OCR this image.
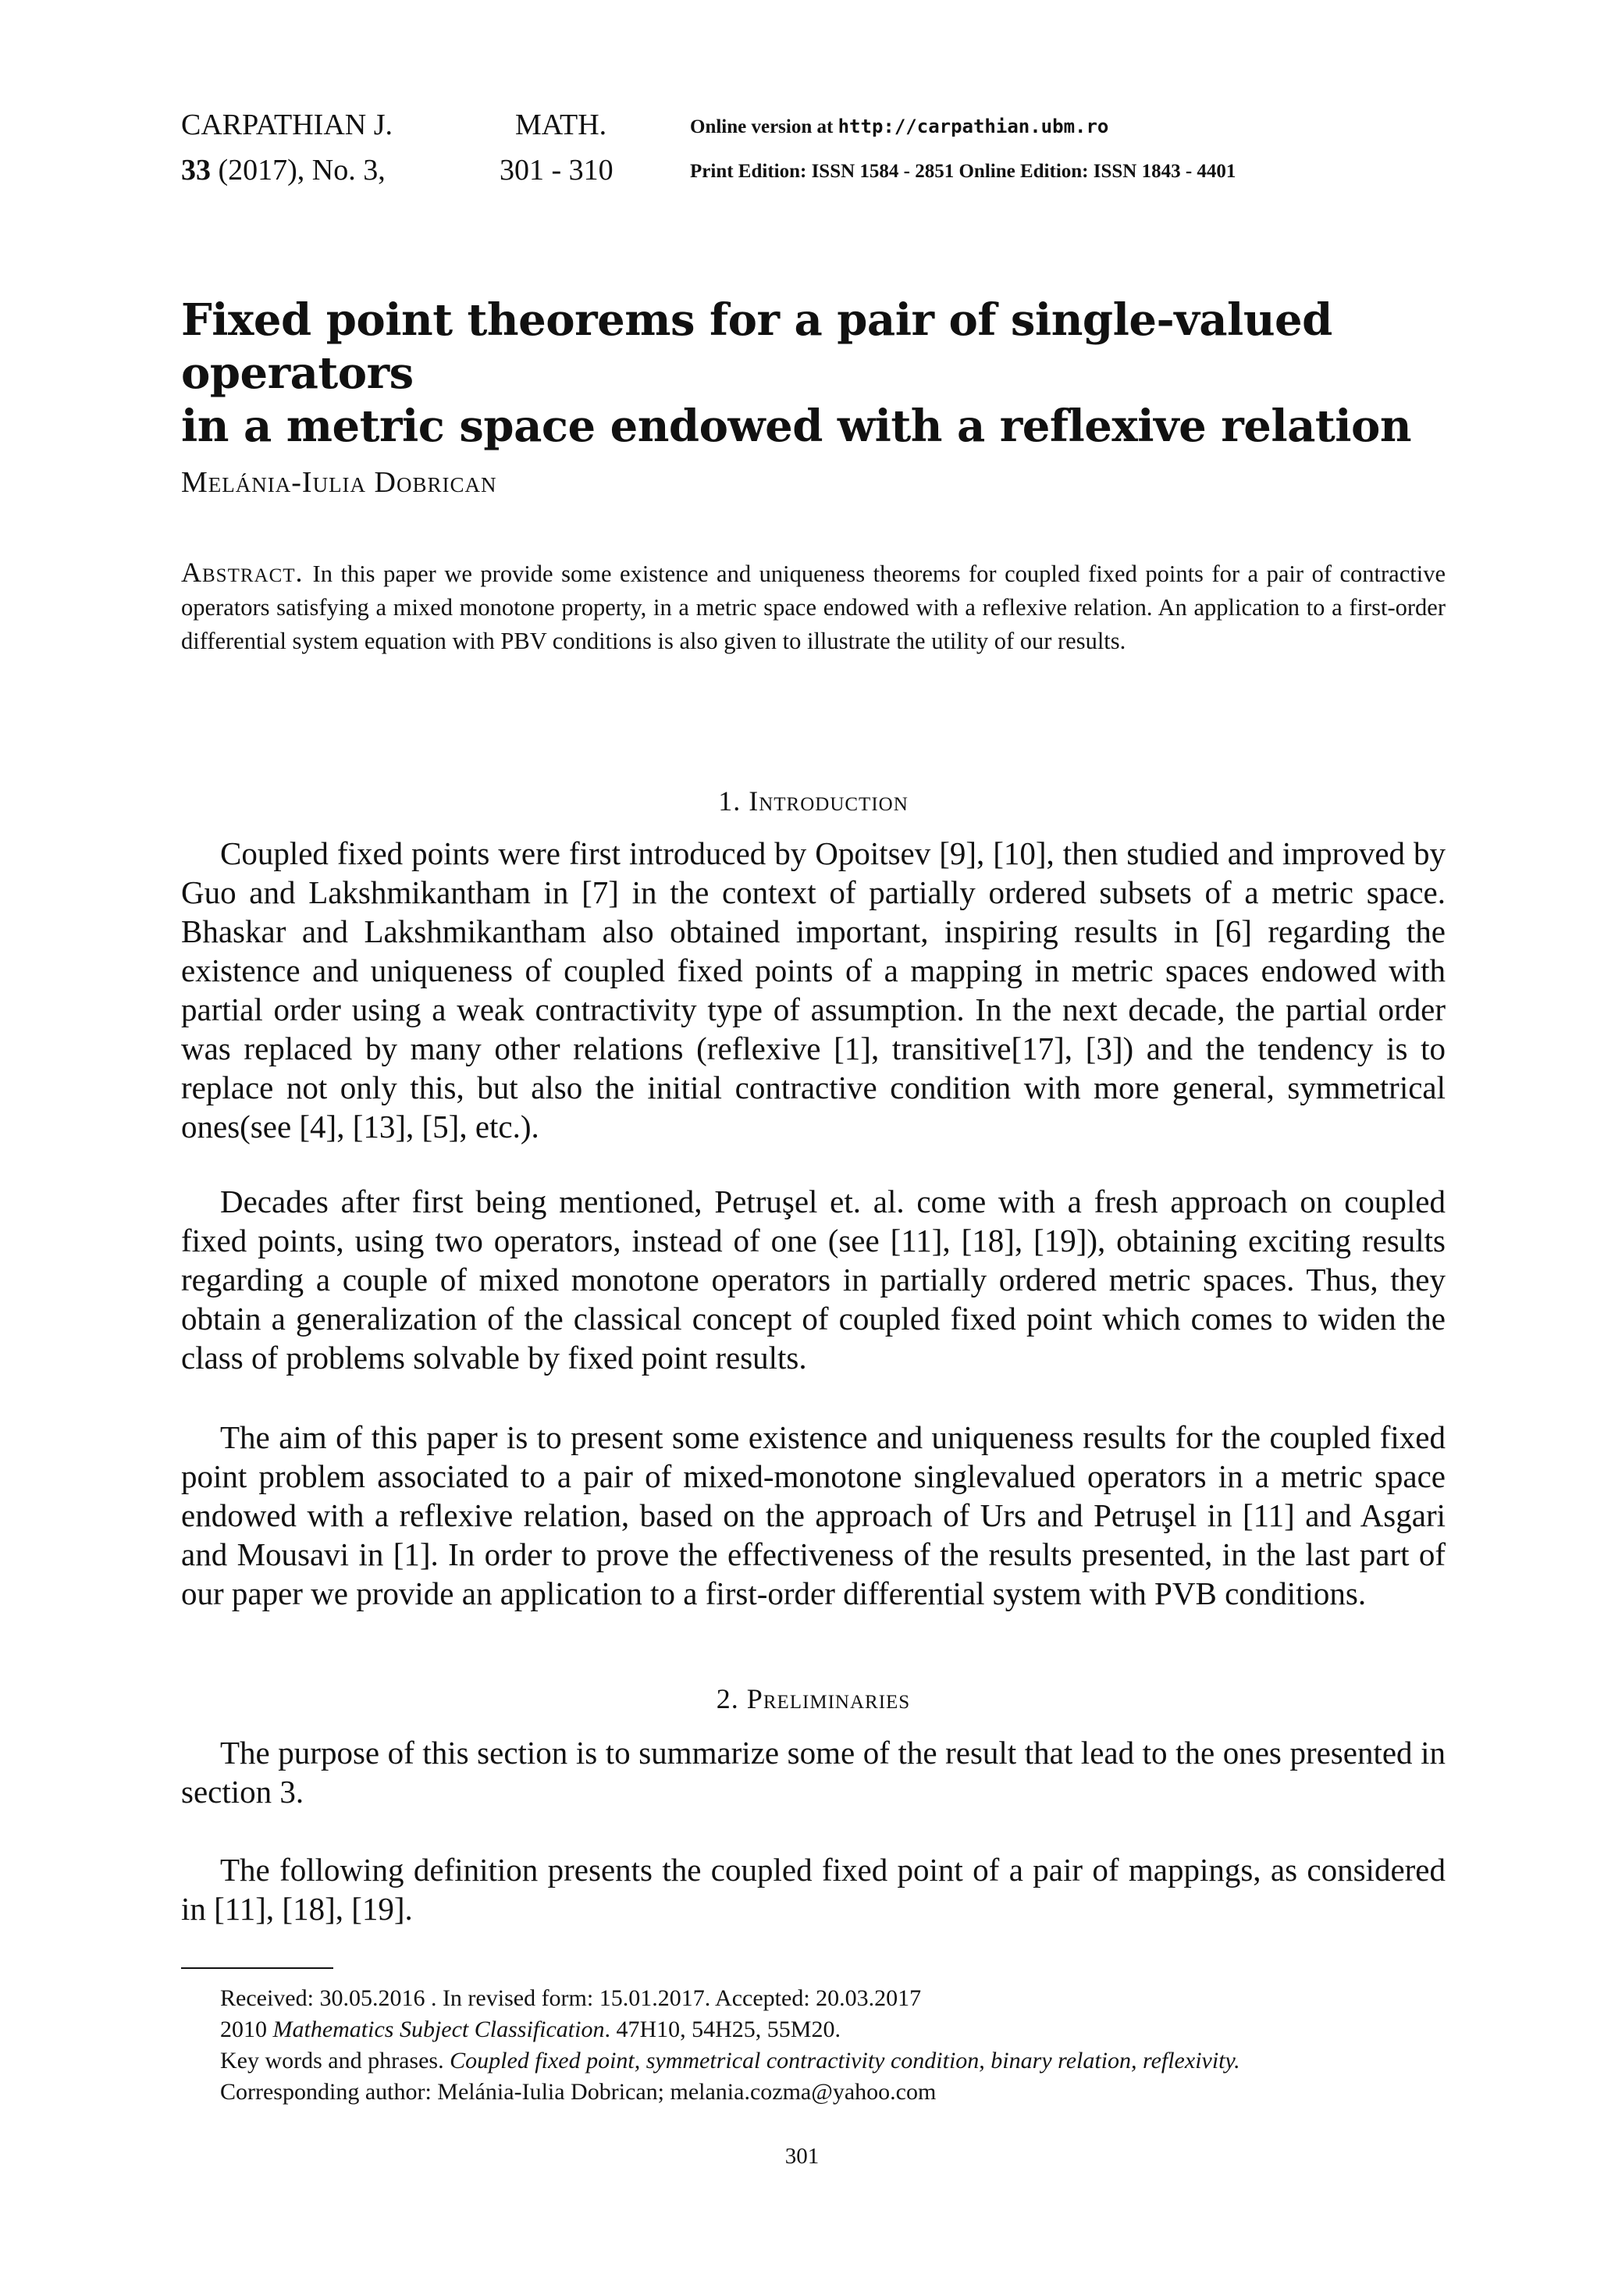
CARPATHIAN J.	MATH.	Online version at http://carpathian.ubm.ro
33 (2017), No. 3,	301 - 310	Print Edition: ISSN 1584 - 2851 Online Edition: ISSN 1843 - 4401
Fixed point theorems for a pair of single-valued operators
in a metric space endowed with a reflexive relation
Melánia-Iulia Dobrican
Abstract. In this paper we provide some existence and uniqueness theorems for coupled fixed points for a pair of contractive operators satisfying a mixed monotone property, in a metric space endowed with a reflexive relation. An application to a first-order differential system equation with PBV conditions is also given to illustrate the utility of our results.
1. Introduction
Coupled fixed points were first introduced by Opoitsev [9], [10], then studied and improved by Guo and Lakshmikantham in [7] in the context of partially ordered subsets of a metric space. Bhaskar and Lakshmikantham also obtained important, inspiring results in [6] regarding the existence and uniqueness of coupled fixed points of a mapping in metric spaces endowed with partial order using a weak contractivity type of assumption. In the next decade, the partial order was replaced by many other relations (reflexive [1], transitive[17], [3]) and the tendency is to replace not only this, but also the initial contractive condition with more general, symmetrical ones(see [4], [13], [5], etc.).
Decades after first being mentioned, Petruşel et. al. come with a fresh approach on coupled fixed points, using two operators, instead of one (see [11], [18], [19]), obtaining exciting results regarding a couple of mixed monotone operators in partially ordered metric spaces. Thus, they obtain a generalization of the classical concept of coupled fixed point which comes to widen the class of problems solvable by fixed point results.
The aim of this paper is to present some existence and uniqueness results for the coupled fixed point problem associated to a pair of mixed-monotone singlevalued operators in a metric space endowed with a reflexive relation, based on the approach of Urs and Petruşel in [11] and Asgari and Mousavi in [1]. In order to prove the effectiveness of the results presented, in the last part of our paper we provide an application to a first-order differential system with PVB conditions.
2. Preliminaries
The purpose of this section is to summarize some of the result that lead to the ones presented in section 3.
The following definition presents the coupled fixed point of a pair of mappings, as considered in [11], [18], [19].
Received: 30.05.2016 . In revised form: 15.01.2017. Accepted: 20.03.2017
2010 Mathematics Subject Classification. 47H10, 54H25, 55M20.
Key words and phrases. Coupled fixed point, symmetrical contractivity condition, binary relation, reflexivity.
Corresponding author: Melánia-Iulia Dobrican; melania.cozma@yahoo.com
301
